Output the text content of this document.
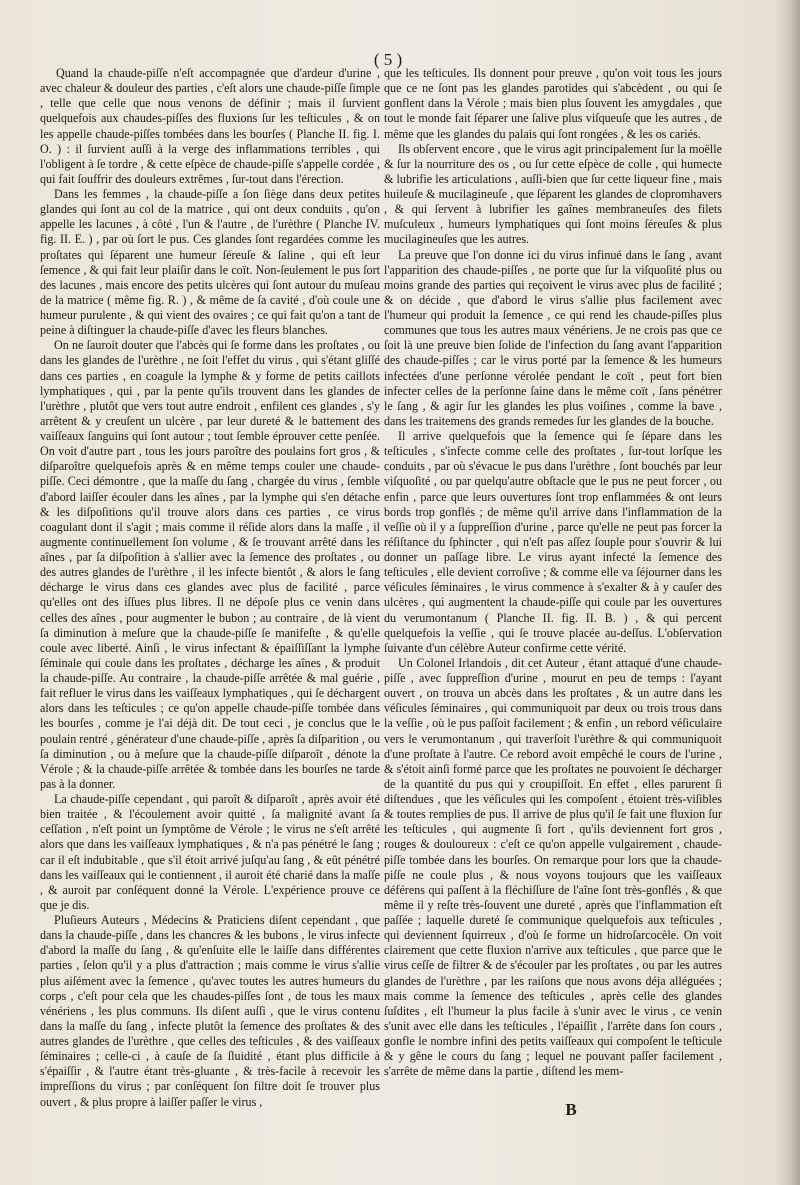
( 5 )

Quand la chaude-piſſe n'eſt accompagnée que d'ardeur d'urine , avec chaleur & douleur des parties , c'eſt alors une chaude-piſſe ſimple , telle que celle que nous venons de définir ; mais il ſurvient quelquefois aux chaudes-piſſes des fluxions ſur les teſticules , & on les appelle chaude-piſſes tombées dans les bourſes ( Planche II. fig. I. O. ) : il ſurvient auſſi à la verge des inflammations terribles , qui l'obligent à ſe tordre , & cette eſpèce de chaude-piſſe s'appelle cordée , qui fait ſouffrir des douleurs extrêmes , ſur-tout dans l'érection.

Dans les femmes , la chaude-piſſe a ſon ſiège dans deux petites glandes qui ſont au col de la matrice , qui ont deux conduits , qu'on appelle les lacunes , à côté , l'un & l'autre , de l'urèthre ( Planche IV. fig. II. E. ) , par où ſort le pus. Ces glandes ſont regardées comme les proſtates qui ſéparent une humeur ſéreuſe & ſaline , qui eſt leur ſemence , & qui fait leur plaiſir dans le coït. Non-ſeulement le pus ſort des lacunes , mais encore des petits ulcères qui ſont autour du muſeau de la matrice ( même fig. R. ) , & même de ſa cavité , d'où coule une humeur purulente , & qui vient des ovaires ; ce qui fait qu'on a tant de peine à diſtinguer la chaude-piſſe d'avec les fleurs blanches.

On ne ſauroit douter que l'abcès qui ſe forme dans les proſtates , ou dans les glandes de l'urèthre , ne ſoit l'effet du virus , qui s'étant gliſſé dans ces parties , en coagule la lymphe & y forme de petits caillots lymphatiques , qui , par la pente qu'ils trouvent dans les glandes de l'urèthre , plutôt que vers tout autre endroit , enfilent ces glandes , s'y arrêtent & y creuſent un ulcère , par leur dureté & le battement des vaiſſeaux ſanguins qui ſont autour ; tout ſemble éprouver cette penſée. On voit d'autre part , tous les jours paroître des poulains fort gros , & diſparoître quelquefois après & en même temps couler une chaude-piſſe. Ceci démontre , que la maſſe du ſang , chargée du virus , ſemble d'abord laiſſer écouler dans les aînes , par la lymphe qui s'en détache & les diſpoſitions qu'il trouve alors dans ces parties , ce virus coagulant dont il s'agit ; mais comme il réſide alors dans la maſſe , il augmente continuellement ſon volume , & ſe trouvant arrêté dans les aînes , par ſa diſpoſition à s'allier avec la ſemence des proſtates , ou des autres glandes de l'urèthre , il les infecte bientôt , & alors le ſang décharge le virus dans ces glandes avec plus de facilité , parce qu'elles ont des iſſues plus libres. Il ne dépoſe plus ce venin dans celles des aînes , pour augmenter le bubon ; au contraire , de là vient ſa diminution à meſure que la chaude-piſſe ſe manifeſte , & qu'elle coule avec liberté. Ainſi , le virus infectant & épaiſſiſſant la lymphe ſéminale qui coule dans les proſtates , décharge les aînes , & produit la chaude-piſſe. Au contraire , la chaude-piſſe arrêtée & mal guérie , fait refluer le virus dans les vaiſſeaux lymphatiques , qui ſe déchargent alors dans les teſticules ; ce qu'on appelle chaude-piſſe tombée dans les bourſes , comme je l'ai déjà dit. De tout ceci , je conclus que le poulain rentré , générateur d'une chaude-piſſe , après ſa diſparition , ou ſa diminution , ou à meſure que la chaude-piſſe diſparoît , dénote la Vérole ; & la chaude-piſſe arrêtée & tombée dans les bourſes ne tarde pas à la donner.

La chaude-piſſe cependant , qui paroît & diſparoît , après avoir été bien traitée , & l'écoulement avoir quitté , ſa malignité avant ſa ceſſation , n'eſt point un ſymptôme de Vérole ; le virus ne s'eſt arrêté alors que dans les vaiſſeaux lymphatiques , & n'a pas pénétré le ſang ; car il eſt indubitable , que s'il étoit arrivé juſqu'au ſang , & eût pénétré dans les vaiſſeaux qui le contiennent , il auroit été charié dans la maſſe , & auroit par conſéquent donné la Vérole. L'expérience prouve ce que je dis.

Pluſieurs Auteurs , Médecins & Praticiens diſent cependant , que dans la chaude-piſſe , dans les chancres & les bubons , le virus infecte d'abord la maſſe du ſang , & qu'enſuite elle le laiſſe dans différentes parties , ſelon qu'il y a plus d'attraction ; mais comme le virus s'allie plus aiſément avec la ſemence , qu'avec toutes les autres humeurs du corps , c'eſt pour cela que les chaudes-piſſes ſont , de tous les maux vénériens , les plus communs. Ils diſent auſſi , que le virus contenu dans la maſſe du ſang , infecte plutôt la ſemence des proſtates & des autres glandes de l'urèthre , que celles des teſticules , & des vaiſſeaux ſéminaires ; celle-ci , à cauſe de ſa ſluidité , étant plus difficile à s'épaiſſir , & l'autre étant très-gluante , & très-facile à recevoir les impreſſions du virus ; par conſéquent ſon filtre doit ſe trouver plus ouvert , & plus propre à laiſſer paſſer le virus ,

que les teſticules. Ils donnent pour preuve , qu'on voit tous les jours que ce ne ſont pas les glandes parotides qui s'abcèdent , ou qui ſe gonflent dans la Vérole ; mais bien plus ſouvent les amygdales , que tout le monde fait ſéparer une ſalive plus viſqueuſe que les autres , de même que les glandes du palais qui ſont rongées , & les os cariés.

Ils obſervent encore , que le virus agit principalement ſur la moëlle & ſur la nourriture des os , ou ſur cette eſpèce de colle , qui humecte & lubrifie les articulations , auſſi-bien que ſur cette liqueur fine , mais huileuſe & mucilagineuſe , que ſéparent les glandes de clopromhavers , & qui ſervent à lubrifier les gaînes membraneuſes des filets muſculeux , humeurs lymphatiques qui ſont moins ſéreuſes & plus mucilagineuſes que les autres.

La preuve que l'on donne ici du virus infinué dans le ſang , avant l'apparition des chaude-piſſes , ne porte que ſur la viſquoſité plus ou moins grande des parties qui reçoivent le virus avec plus de facilité ; & on décide , que d'abord le virus s'allie plus facilement avec l'humeur qui produit la ſemence , ce qui rend les chaude-piſſes plus communes que tous les autres maux vénériens. Je ne crois pas que ce ſoit là une preuve bien ſolide de l'infection du ſang avant l'apparition des chaude-piſſes ; car le virus porté par la ſemence & les humeurs infectées d'une perſonne vérolée pendant le coït , peut fort bien infecter celles de la perſonne ſaine dans le même coït , ſans pénétrer le ſang , & agir ſur les glandes les plus voiſines , comme la bave , dans les traitemens des grands remedes ſur les glandes de la bouche.

Il arrive quelquefois que la ſemence qui ſe ſépare dans les teſticules , s'infecte comme celle des proſtates , ſur-tout lorſque les conduits , par où s'évacue le pus dans l'urèthre , ſont bouchés par leur viſquoſité , ou par quelqu'autre obſtacle que le pus ne peut forcer , ou enfin , parce que leurs ouvertures ſont trop enflammées & ont leurs bords trop gonflés ; de même qu'il arrive dans l'inflammation de la veſſie où il y a ſuppreſſion d'urine , parce qu'elle ne peut pas forcer la réſiſtance du ſphincter , qui n'eſt pas aſſez ſouple pour s'ouvrir & lui donner un paſſage libre. Le virus ayant infecté la ſemence des teſticules , elle devient corroſive ; & comme elle va ſéjourner dans les véſicules ſéminaires , le virus commence à s'exalter & à y cauſer des ulcères , qui augmentent la chaude-piſſe qui coule par les ouvertures du verumontanum ( Planche II. fig. II. B. ) , & qui percent quelquefois la veſſie , qui ſe trouve placée au-deſſus. L'obſervation ſuivante d'un célèbre Auteur confirme cette vérité.

Un Colonel Irlandois , dit cet Auteur , étant attaqué d'une chaude-piſſe , avec ſuppreſſion d'urine , mourut en peu de temps : l'ayant ouvert , on trouva un abcès dans les proſtates , & un autre dans les véſicules ſéminaires , qui communiquoit par deux ou trois trous dans la veſſie , où le pus paſſoit facilement ; & enfin , un rebord véſiculaire vers le verumontanum , qui traverſoit l'urèthre & qui communiquoit d'une proſtate à l'autre. Ce rebord avoit empêché le cours de l'urine , & s'étoit ainſi formé parce que les proſtates ne pouvoient ſe décharger de la quantité du pus qui y croupiſſoit. En effet , elles parurent ſi diſtendues , que les véſicules qui les compoſent , étoient très-viſibles & toutes remplies de pus. Il arrive de plus qu'il ſe fait une fluxion ſur les teſticules , qui augmente ſi fort , qu'ils deviennent fort gros , rouges & douloureux : c'eſt ce qu'on appelle vulgairement , chaude-piſſe tombée dans les bourſes. On remarque pour lors que la chaude-piſſe ne coule plus , & nous voyons toujours que les vaiſſeaux déférens qui paſſent à la fléchiſſure de l'aîne ſont très-gonflés , & que même il y reſte très-ſouvent une dureté , après que l'inflammation eſt paſſée ; laquelle dureté ſe communique quelquefois aux teſticules , qui deviennent ſquirreux , d'où ſe forme un hidroſarcocèle. On voit clairement que cette fluxion n'arrive aux teſticules , que parce que le virus ceſſe de filtrer & de s'écouler par les proſtates , ou par les autres glandes de l'urèthre , par les raiſons que nous avons déja alléguées ; mais comme la ſemence des teſticules , après celle des glandes ſuſdites , eſt l'humeur la plus facile à s'unir avec le virus , ce venin s'unit avec elle dans les teſticules , l'épaiſſit , l'arrête dans ſon cours , gonfle le nombre infini des petits vaiſſeaux qui compoſent le teſticule & y gêne le cours du ſang ; lequel ne pouvant paſſer facilement , s'arrête de même dans la partie , diſtend les mem-

B
